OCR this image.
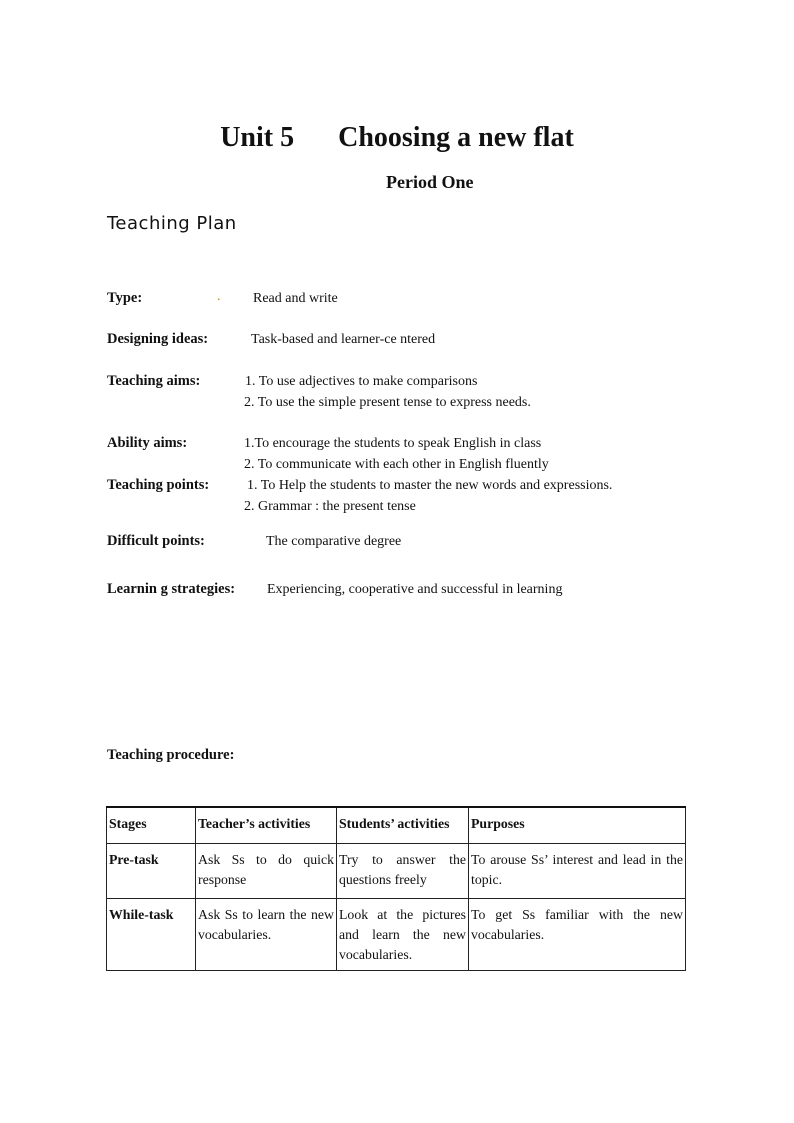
Unit 5 Choosing a new flat
Period One
Teaching Plan
Type:	. Read and write
Designing ideas:	Task-based and learner-ce ntered
Teaching aims:	1. To use adjectives to make comparisons
2. To use the simple present tense to express needs.
Ability aims:	1.To encourage the students to speak English in class
2. To communicate with each other in English fluently
Teaching points:	1. To Help the students to master the new words and expressions.
2. Grammar : the present tense
Difficult points:	The comparative degree
Learnin g strategies: Experiencing, cooperative and successful in learning
Teaching procedure:
Stages	Teacher’s activities	Students’ activities	Purposes
Pre-task	Ask Ss to do quick response	Try to answer the questions freely	To arouse Ss’ interest and lead in the topic.
While-task	Ask Ss to learn the new vocabularies.	Look at the pictures and learn the new vocabularies.	To get Ss familiar with the new vocabularies.
